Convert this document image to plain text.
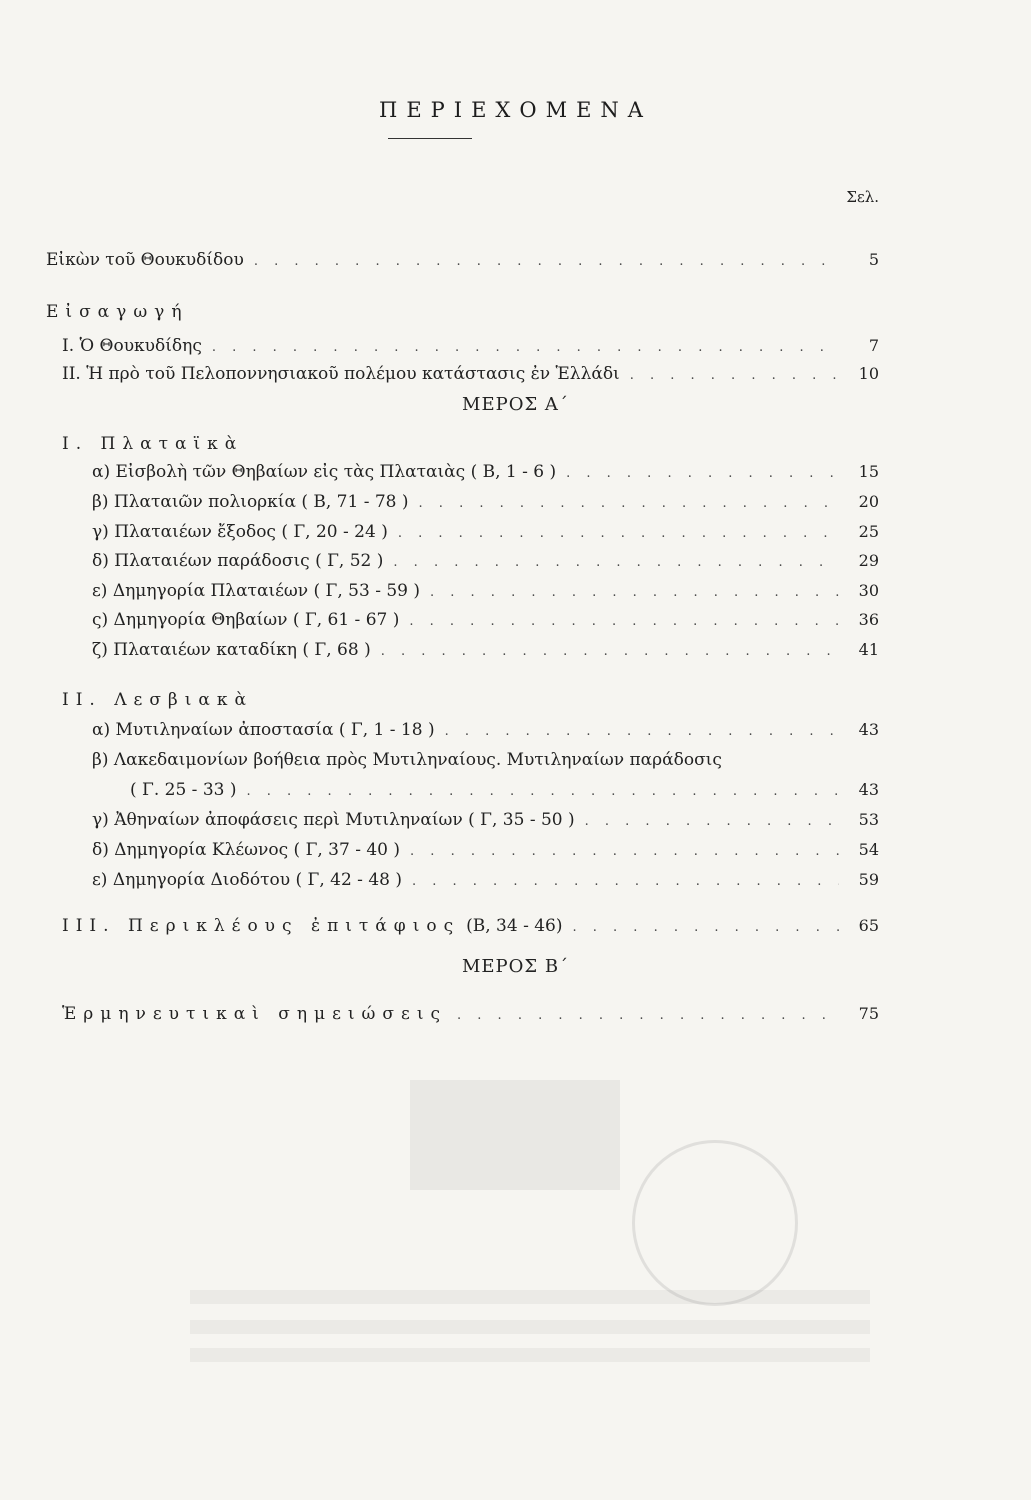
ΠΕΡΙΕΧΟΜΕΝΑ
Σελ.
Εἰκὼν τοῦ Θουκυδίδου . . .	5
Εἰσαγωγή
Ι. Ὁ Θουκυδίδης . . .	7
ΙΙ. Ἡ πρὸ τοῦ Πελοποννησιακοῦ πολέμου κατάστασις ἐν Ἑλλάδι . . .	10
ΜΕΡΟΣ Α΄
Ι. Πλαταϊκὰ
α) Εἰσβολὴ τῶν Θηβαίων εἰς τὰς Πλαταιὰς ( Β, 1 - 6 ) . . .	15
β) Πλαταιῶν πολιορκία ( Β, 71 - 78 ) . . .	20
γ) Πλαταιέων ἔξοδος ( Γ, 20 - 24 ) . . .	25
δ) Πλαταιέων παράδοσις ( Γ, 52 ) . . .	29
ε) Δημηγορία Πλαταιέων ( Γ, 53 - 59 ) . . .	30
ς) Δημηγορία Θηβαίων ( Γ, 61 - 67 ) . . .	36
ζ) Πλαταιέων καταδίκη ( Γ, 68 ) . . .	41
ΙΙ. Λεσβιακὰ
α) Μυτιληναίων ἀποστασία ( Γ, 1 - 18 ) . . .	43
β) Λακεδαιμονίων βοήθεια πρὸς Μυτιληναίους. Μυτιληναίων παράδοσις
( Γ. 25 - 33 ) . . .	43
γ) Ἀθηναίων ἀποφάσεις περὶ Μυτιληναίων ( Γ, 35 - 50 ) . . .	53
δ) Δημηγορία Κλέωνος ( Γ, 37 - 40 ) . . .	54
ε) Δημηγορία Διοδότου ( Γ, 42 - 48 ) . . .	59
ΙΙΙ. Περικλέους ἐπιτάφιος (Β, 34 - 46) . . .	65
ΜΕΡΟΣ Β΄
Ἑρμηνευτικαὶ σημειώσεις . . .	75
